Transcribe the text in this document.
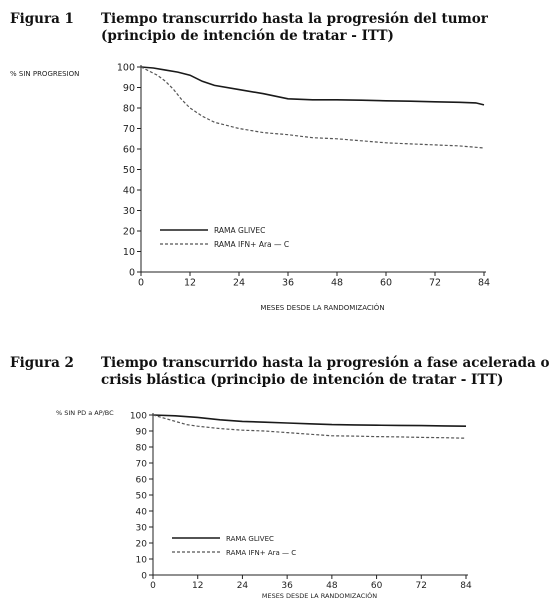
Figura 1	Tiempo transcurrido hasta la progresión del tumor (principio de intención de tratar - ITT)
0
10
20
30
40
50
60
70
80
90
100
0	12	24	36	48	60	72	84
% SIN PROGRESION
MESES DESDE LA RANDOMIZACIÓN
RAMA GLIVEC
RAMA IFN+ Ara — C
Figura 2	Tiempo transcurrido hasta la progresión a fase acelerada o crisis blástica (principio de intención de tratar - ITT)
0
10
20
30
40
50
60
70
80
90
100
0	12	24	36	48	60	72	84
% SIN PD a AP/BC
MESES DESDE LA RANDOMIZACIÓN
RAMA GLIVEC
RAMA IFN+ Ara — C
